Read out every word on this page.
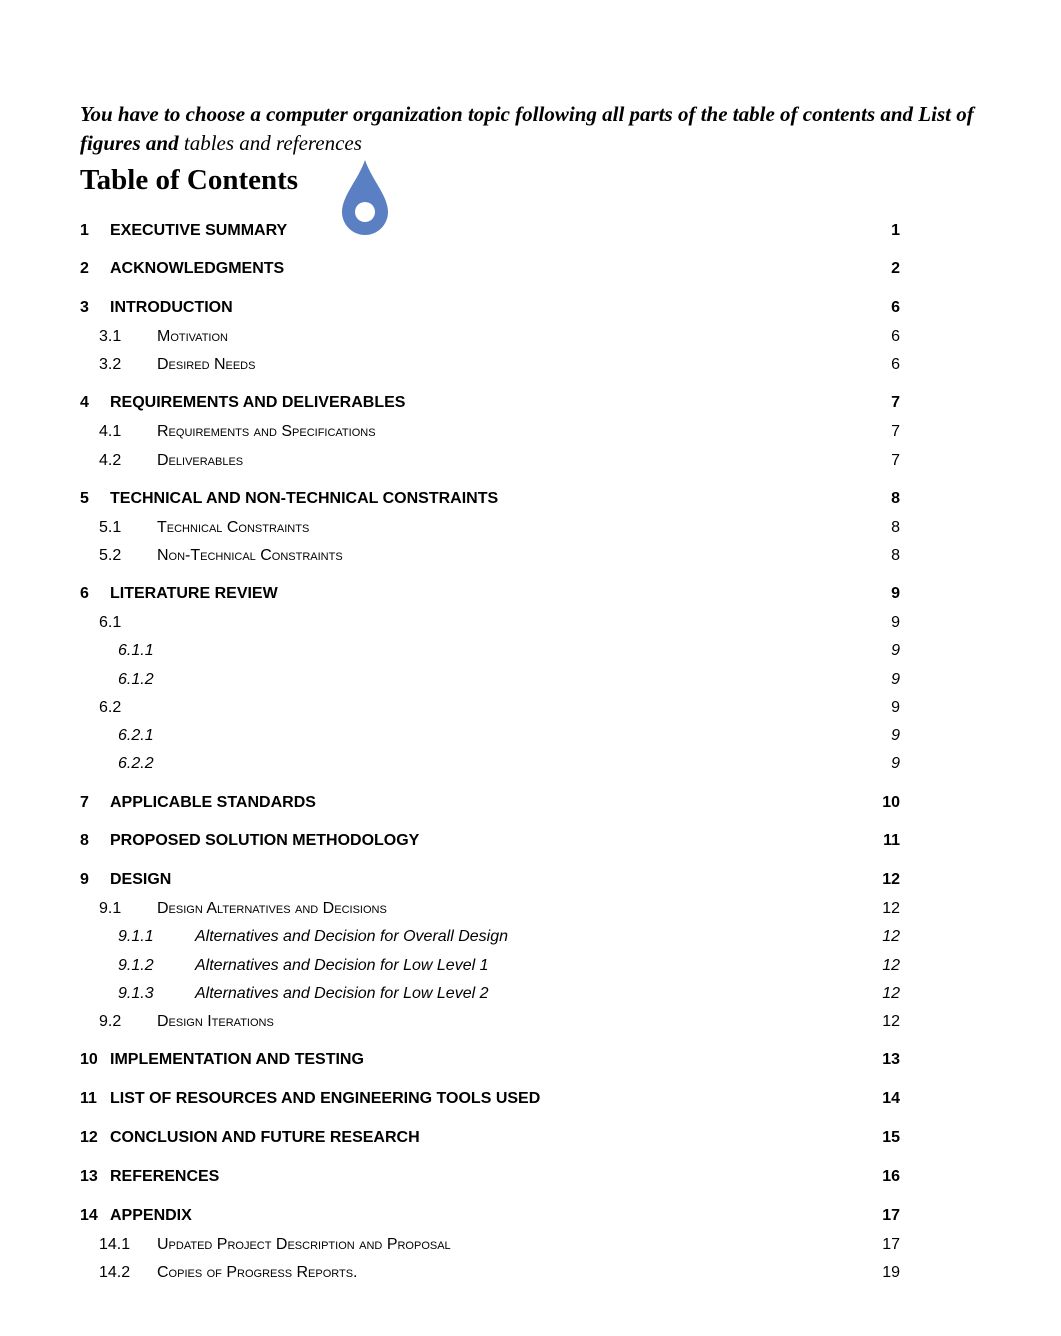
You have to choose a computer organization topic following all parts of the table of contents and List of figures and tables and references
Table of Contents
1 EXECUTIVE SUMMARY	1
2 ACKNOWLEDGMENTS	2
3 INTRODUCTION	6
3.1 Motivation	6
3.2 Desired Needs	6
4 REQUIREMENTS AND DELIVERABLES	7
4.1 Requirements and Specifications	7
4.2 Deliverables	7
5 TECHNICAL AND NON-TECHNICAL CONSTRAINTS	8
5.1 Technical Constraints	8
5.2 Non-Technical Constraints	8
6 LITERATURE REVIEW	9
6.1	9
6.1.1	9
6.1.2	9
6.2	9
6.2.1	9
6.2.2	9
7 APPLICABLE STANDARDS	10
8 PROPOSED SOLUTION METHODOLOGY	11
9 DESIGN	12
9.1 Design Alternatives and Decisions	12
9.1.1	Alternatives and Decision for Overall Design	12
9.1.2	Alternatives and Decision for Low Level 1	12
9.1.3	Alternatives and Decision for Low Level 2	12
9.2 Design Iterations	12
10 IMPLEMENTATION AND TESTING	13
11 LIST OF RESOURCES AND ENGINEERING TOOLS USED	14
12 CONCLUSION AND FUTURE RESEARCH	15
13 REFERENCES	16
14 APPENDIX	17
14.1 Updated Project Description and Proposal	17
14.2 Copies of Progress Reports.	19
